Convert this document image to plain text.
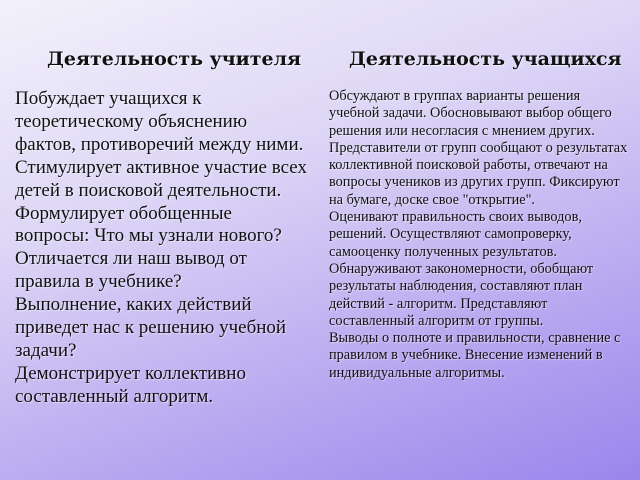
Деятельность учителя	Деятельность учащихся

Побуждает учащихся к теоретическому объяснению фактов, противоречий между ними.

Стимулирует активное участие всех детей в поисковой деятельности.

Формулирует обобщенные вопросы: Что мы узнали нового? Отличается ли наш вывод от правила в учебнике?

Выполнение, каких действий приведет нас к решению учебной задачи?

Демонстрирует коллективно составленный алгоритм.

Обсуждают в группах варианты решения учебной задачи. Обосновывают выбор общего решения или несогласия с мнением других. Представители от групп сообщают о результатах коллективной поисковой работы, отвечают на вопросы учеников из других групп. Фиксируют на бумаге, доске свое "открытие".

Оценивают правильность своих выводов, решений. Осуществляют самопроверку, самооценку полученных результатов.

Обнаруживают закономерности, обобщают результаты наблюдения, составляют план действий - алгоритм. Представляют составленный алгоритм от группы.

Выводы о полноте и правильности, сравнение с правилом в учебнике. Внесение изменений в индивидуальные алгоритмы.
